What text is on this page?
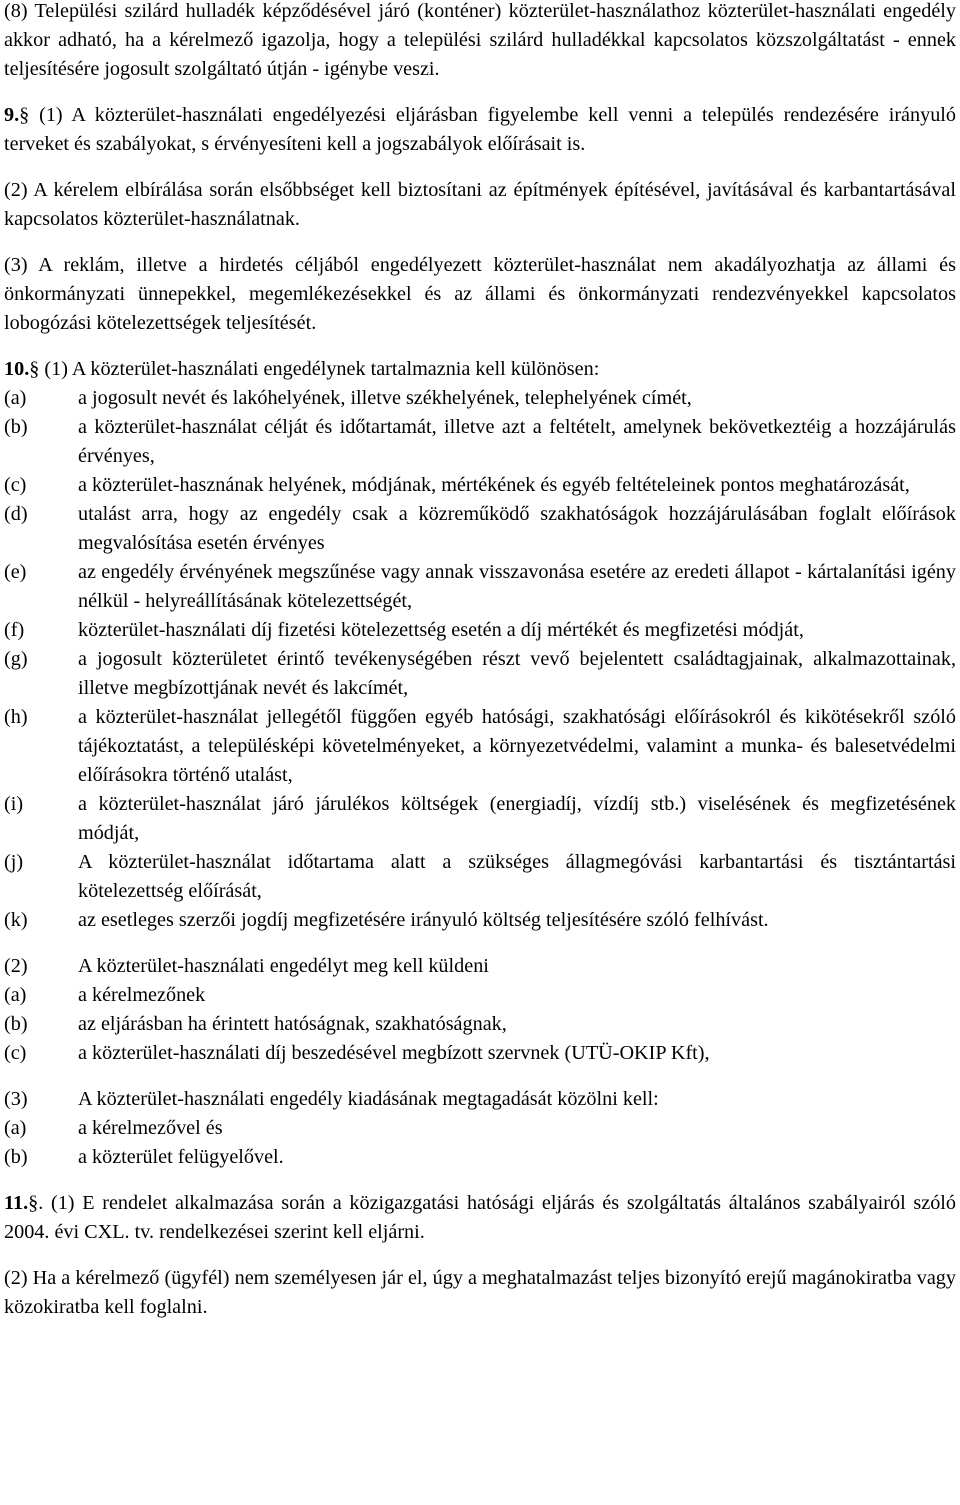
(8) Települési szilárd hulladék képződésével járó (konténer) közterület-használathoz közterület-használati engedély akkor adható, ha a kérelmező igazolja, hogy a települési szilárd hulladékkal kapcsolatos közszolgáltatást - ennek teljesítésére jogosult szolgáltató útján - igénybe veszi.

9.§ (1) A közterület-használati engedélyezési eljárásban figyelembe kell venni a település rendezésére irányuló terveket és szabályokat, s érvényesíteni kell a jogszabályok előírásait is.

(2) A kérelem elbírálása során elsőbbséget kell biztosítani az építmények építésével, javításával és karbantartásával kapcsolatos közterület-használatnak.

(3) A reklám, illetve a hirdetés céljából engedélyezett közterület-használat nem akadályozhatja az állami és önkormányzati ünnepekkel, megemlékezésekkel és az állami és önkormányzati rendezvényekkel kapcsolatos lobogózási kötelezettségek teljesítését.

10.§ (1) A közterület-használati engedélynek tartalmaznia kell különösen:

(a)	a jogosult nevét és lakóhelyének, illetve székhelyének, telephelyének címét,
(b)	a közterület-használat célját és időtartamát, illetve azt a feltételt, amelynek bekövetkeztéig a hozzájárulás érvényes,
(c)	a közterület-hasznának helyének, módjának, mértékének és egyéb feltételeinek pontos meghatározását,
(d)	utalást arra, hogy az engedély csak a közreműködő szakhatóságok hozzájárulásában foglalt előírások megvalósítása esetén érvényes
(e)	az engedély érvényének megszűnése vagy annak visszavonása esetére az eredeti állapot - kártalanítási igény nélkül - helyreállításának kötelezettségét,
(f)	közterület-használati díj fizetési kötelezettség esetén a díj mértékét és megfizetési módját,
(g)	a jogosult közterületet érintő tevékenységében részt vevő bejelentett családtagjainak, alkalmazottainak, illetve megbízottjának nevét és lakcímét,
(h)	a közterület-használat jellegétől függően egyéb hatósági, szakhatósági előírásokról és kikötésekről szóló tájékoztatást, a településképi követelményeket, a környezetvédelmi, valamint a munka- és balesetvédelmi előírásokra történő utalást,
(i)	a közterület-használat járó járulékos költségek (energiadíj, vízdíj stb.) viselésének és megfizetésének módját,
(j)	A közterület-használat időtartama alatt a szükséges állagmegóvási karbantartási és tisztántartási kötelezettség előírását,
(k)	az esetleges szerzői jogdíj megfizetésére irányuló költség teljesítésére szóló felhívást.
(2)	A közterület-használati engedélyt meg kell küldeni
(a)	a kérelmezőnek
(b)	az eljárásban ha érintett hatóságnak, szakhatóságnak,
(c)	a közterület-használati díj beszedésével megbízott szervnek (UTÜ-OKIP Kft),
(3)	A közterület-használati engedély kiadásának megtagadását közölni kell:
(a)	a kérelmezővel és
(b)	a közterület felügyelővel.

11.§. (1) E rendelet alkalmazása során a közigazgatási hatósági eljárás és szolgáltatás általános szabályairól szóló 2004. évi CXL. tv. rendelkezései szerint kell eljárni.

(2) Ha a kérelmező (ügyfél) nem személyesen jár el, úgy a meghatalmazást teljes bizonyító erejű magánokiratba vagy közokiratba kell foglalni.
